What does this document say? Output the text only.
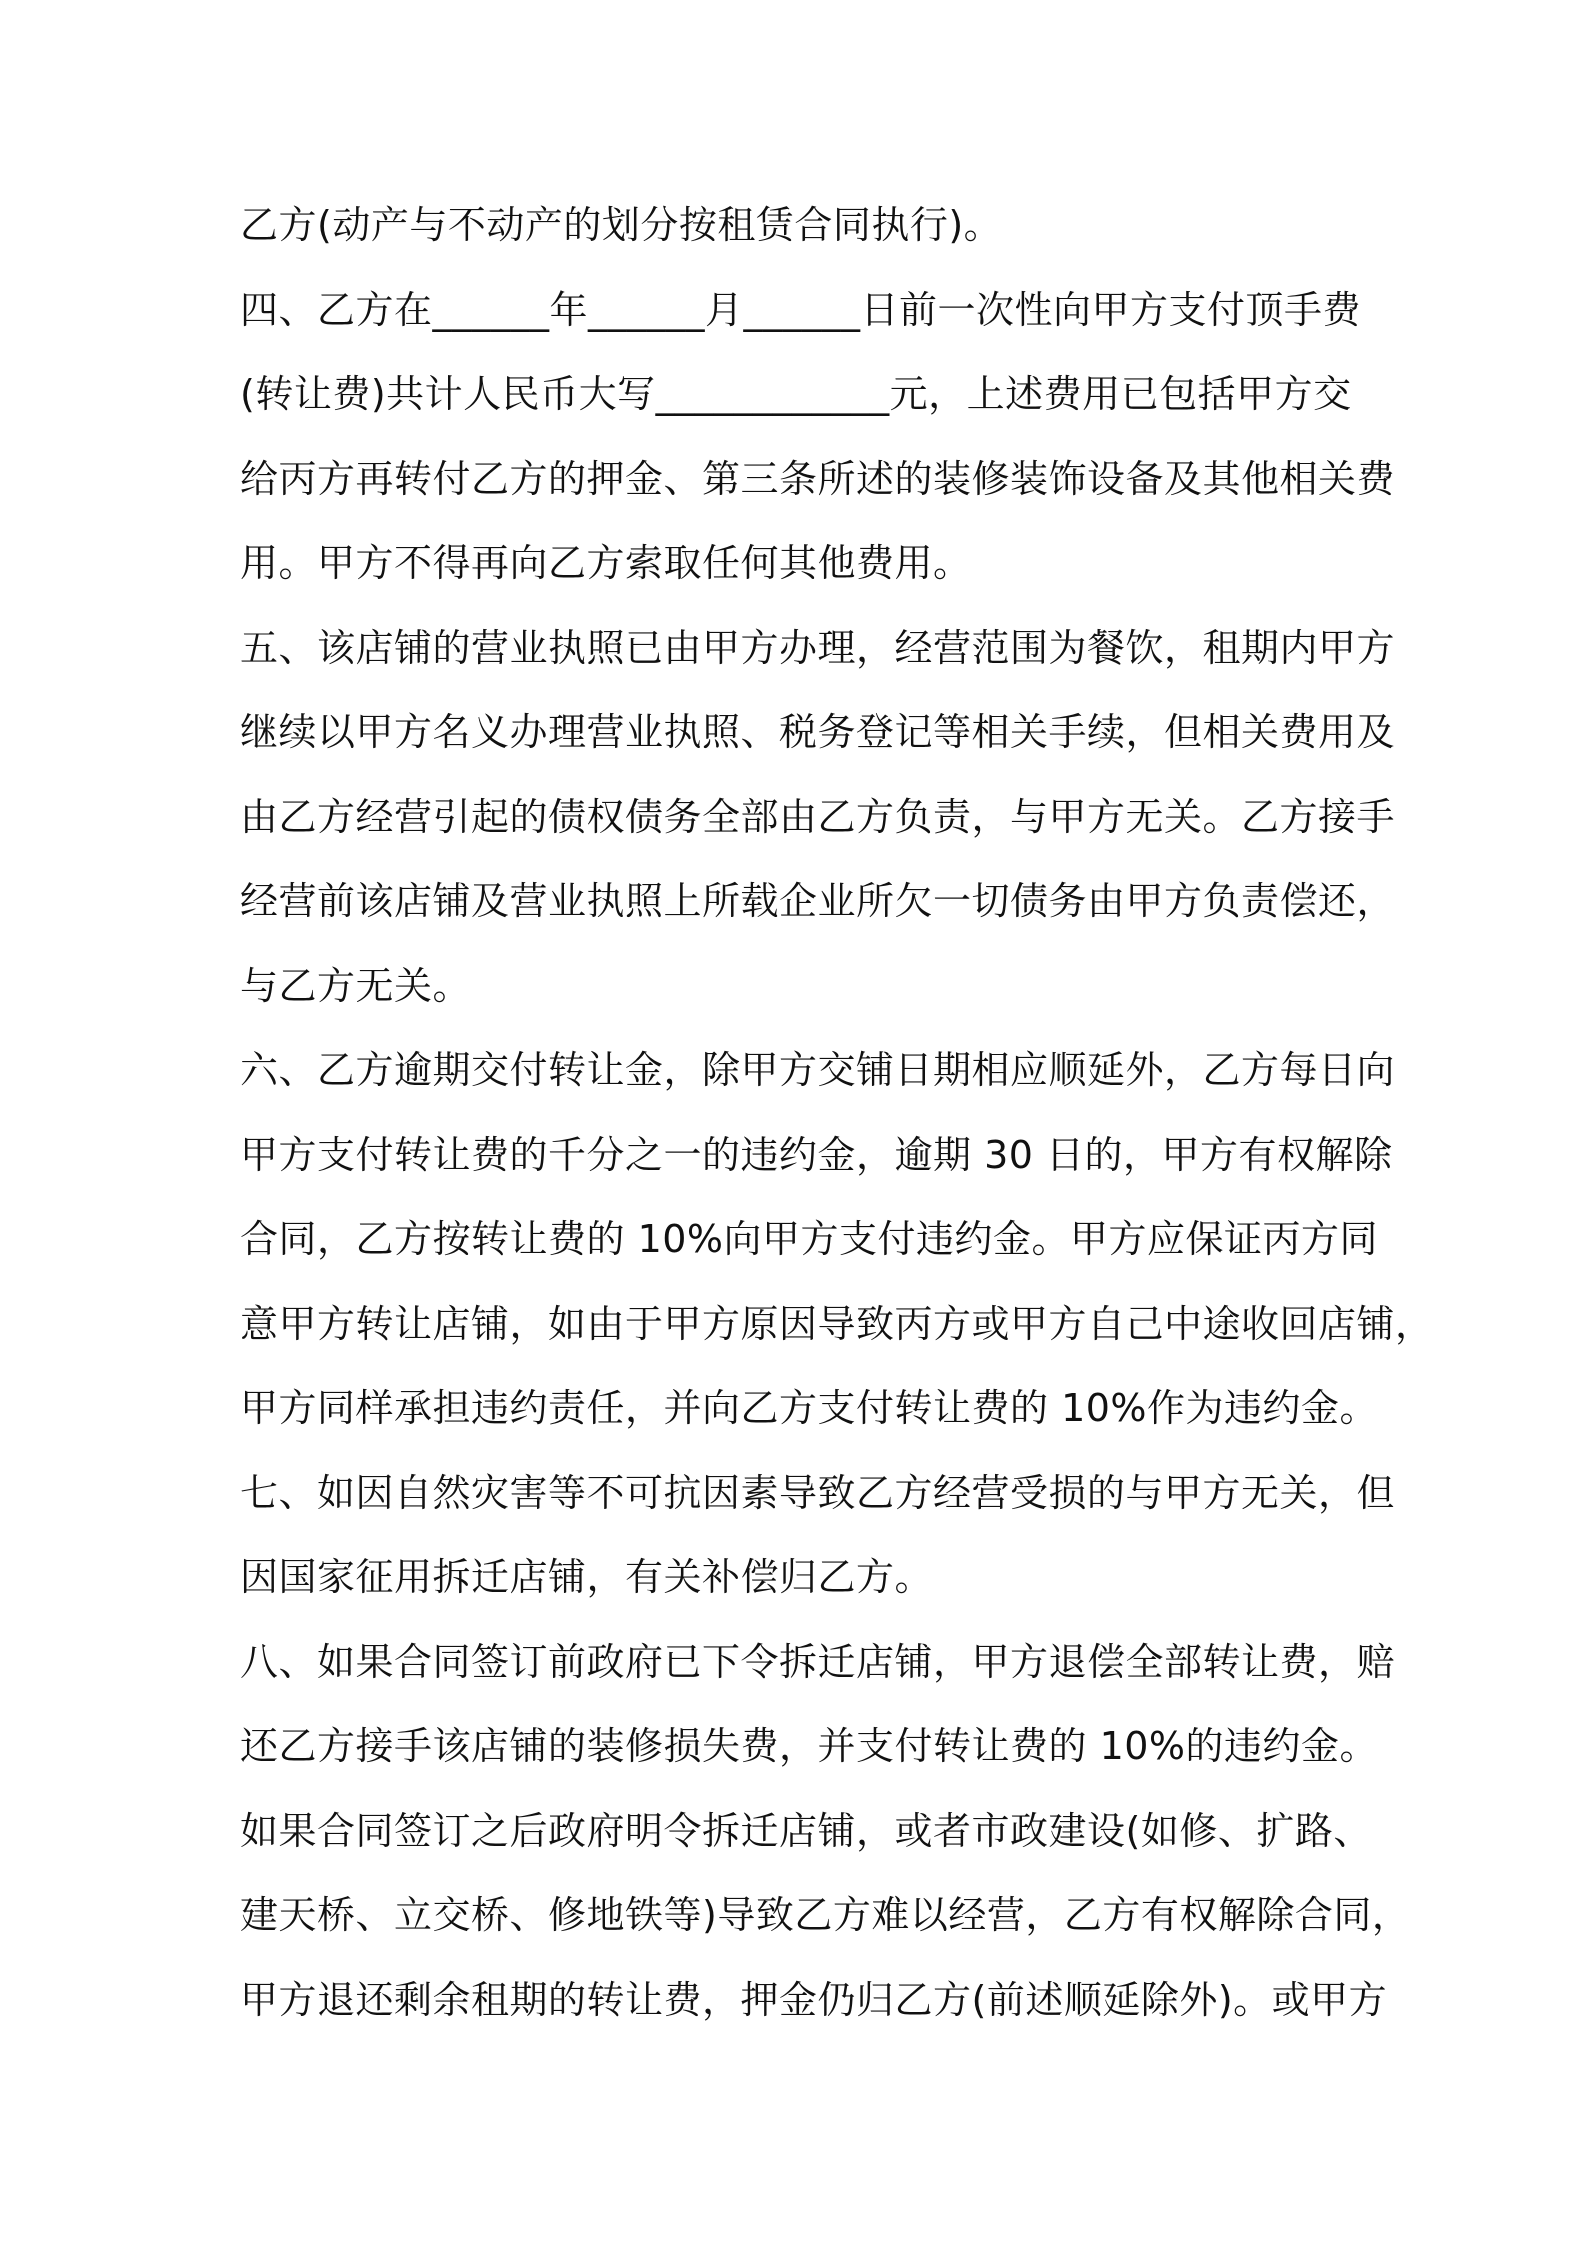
乙方(动产与不动产的划分按租赁合同执行)。
四、乙方在______年______月______日前一次性向甲方支付顶手费
(转让费)共计人民币大写____________元，上述费用已包括甲方交
给丙方再转付乙方的押金、第三条所述的装修装饰设备及其他相关费
用。甲方不得再向乙方索取任何其他费用。
五、该店铺的营业执照已由甲方办理，经营范围为餐饮，租期内甲方
继续以甲方名义办理营业执照、税务登记等相关手续，但相关费用及
由乙方经营引起的债权债务全部由乙方负责，与甲方无关。乙方接手
经营前该店铺及营业执照上所载企业所欠一切债务由甲方负责偿还，
与乙方无关。
六、乙方逾期交付转让金，除甲方交铺日期相应顺延外，乙方每日向
甲方支付转让费的千分之一的违约金，逾期 30 日的，甲方有权解除
合同，乙方按转让费的 10%向甲方支付违约金。甲方应保证丙方同
意甲方转让店铺，如由于甲方原因导致丙方或甲方自己中途收回店铺，
甲方同样承担违约责任，并向乙方支付转让费的 10%作为违约金。
七、如因自然灾害等不可抗因素导致乙方经营受损的与甲方无关，但
因国家征用拆迁店铺，有关补偿归乙方。
八、如果合同签订前政府已下令拆迁店铺，甲方退偿全部转让费，赔
还乙方接手该店铺的装修损失费，并支付转让费的 10%的违约金。
如果合同签订之后政府明令拆迁店铺，或者市政建设(如修、扩路、
建天桥、立交桥、修地铁等)导致乙方难以经营，乙方有权解除合同，
甲方退还剩余租期的转让费，押金仍归乙方(前述顺延除外)。或甲方
